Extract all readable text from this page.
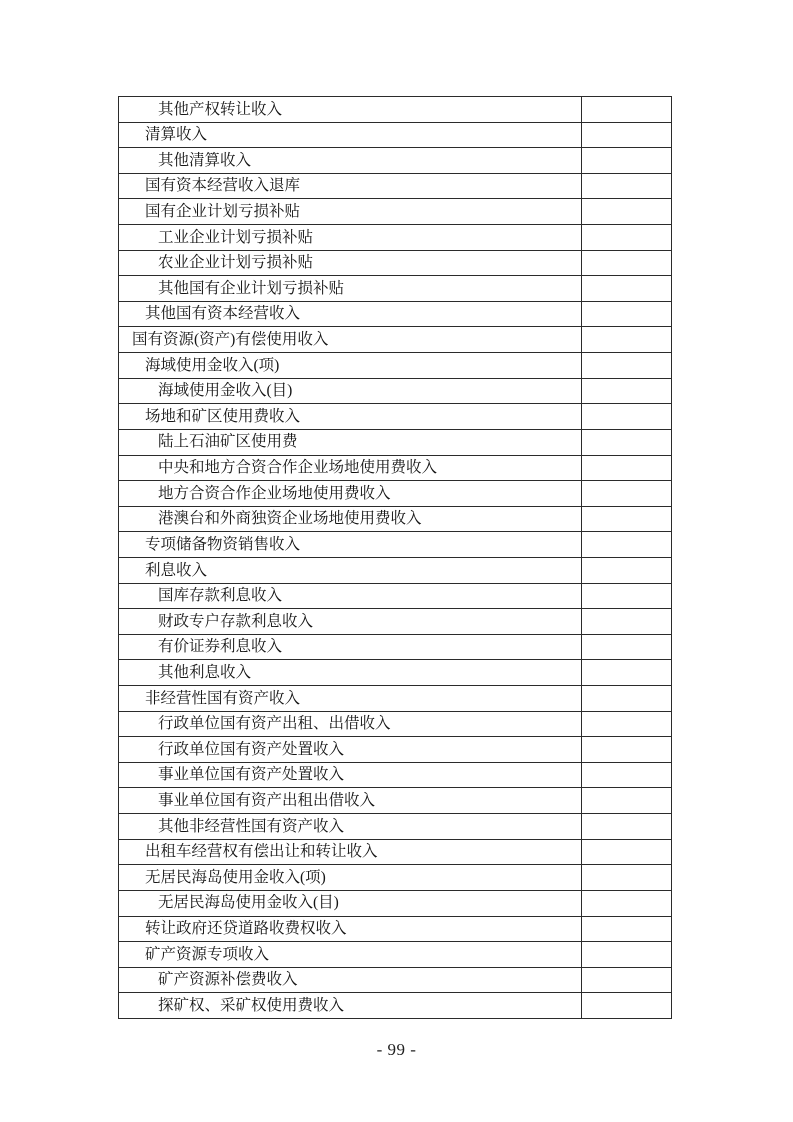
其他产权转让收入
清算收入
其他清算收入
国有资本经营收入退库
国有企业计划亏损补贴
工业企业计划亏损补贴
农业企业计划亏损补贴
其他国有企业计划亏损补贴
其他国有资本经营收入
国有资源(资产)有偿使用收入
海域使用金收入(项)
海域使用金收入(目)
场地和矿区使用费收入
陆上石油矿区使用费
中央和地方合资合作企业场地使用费收入
地方合资合作企业场地使用费收入
港澳台和外商独资企业场地使用费收入
专项储备物资销售收入
利息收入
国库存款利息收入
财政专户存款利息收入
有价证券利息收入
其他利息收入
非经营性国有资产收入
行政单位国有资产出租、出借收入
行政单位国有资产处置收入
事业单位国有资产处置收入
事业单位国有资产出租出借收入
其他非经营性国有资产收入
出租车经营权有偿出让和转让收入
无居民海岛使用金收入(项)
无居民海岛使用金收入(目)
转让政府还贷道路收费权收入
矿产资源专项收入
矿产资源补偿费收入
探矿权、采矿权使用费收入
- 99 -
